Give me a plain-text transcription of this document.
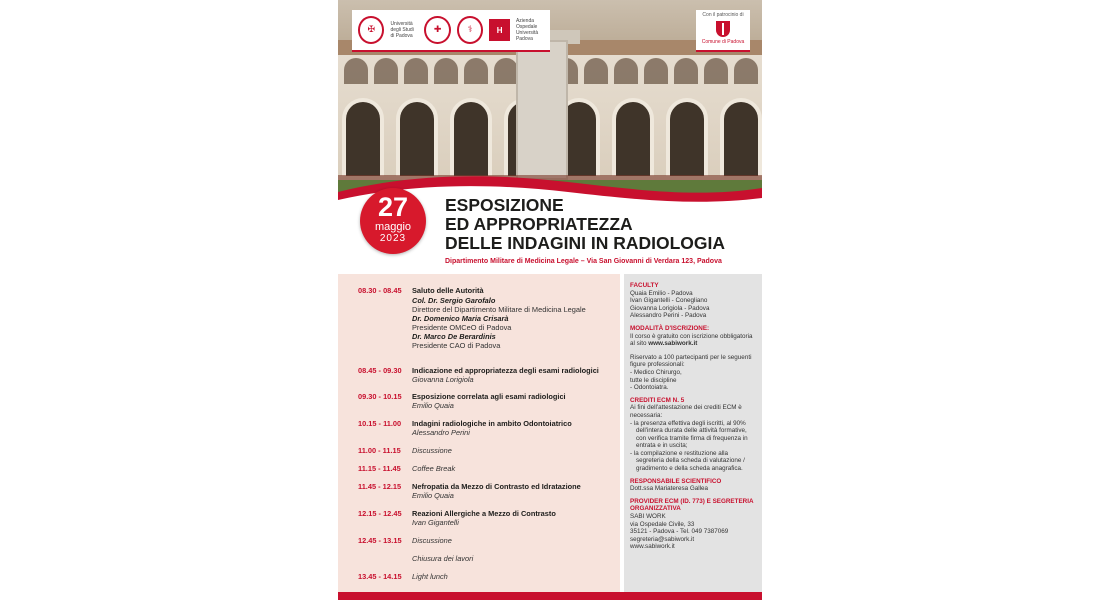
✠
Università degli Studi di Padova
✚	⚕	H
Azienda Ospedale Università Padova
Con il patrocinio di
Comune di Padova
27
maggio
2023
ESPOSIZIONE
ED APPROPRIATEZZA
DELLE INDAGINI IN RADIOLOGIA
Dipartimento Militare di Medicina Legale – Via San Giovanni di Verdara 123, Padova
08.30 - 08.45	Saluto delle Autorità
Col. Dr. Sergio Garofalo
Direttore del Dipartimento Militare di Medicina Legale
Dr. Domenico Maria Crisarà
Presidente OMCeO di Padova
Dr. Marco De Berardinis
Presidente CAO di Padova
08.45 - 09.30	Indicazione ed appropriatezza degli esami radiologici
Giovanna Lorigiola
09.30 - 10.15	Esposizione correlata agli esami radiologici
Emilio Quaia
10.15 - 11.00	Indagini radiologiche in ambito Odontoiatrico
Alessandro Perini
11.00 - 11.15	Discussione
11.15 - 11.45	Coffee Break
11.45 - 12.15	Nefropatia da Mezzo di Contrasto ed Idratazione
Emilio Quaia
12.15 - 12.45	Reazioni Allergiche a Mezzo di Contrasto
Ivan Gigantelli
12.45 - 13.15	Discussione
Chiusura dei lavori
13.45 - 14.15	Light lunch
FACULTY
Quaia Emilio - Padova
Ivan Gigantelli - Conegliano
Giovanna Lorigiola - Padova
Alessandro Perini - Padova
MODALITÀ D'ISCRIZIONE:
Il corso è gratuito con iscrizione obbligatoria al sito www.sabiwork.it
Riservato a 100 partecipanti per le seguenti figure professionali:
- Medico Chirurgo,
tutte le discipline
- Odontoiatra.
CREDITI ECM N. 5
Ai fini dell'attestazione dei crediti ECM è necessaria:
- la presenza effettiva degli iscritti, al 90% dell'intera durata delle attività formative, con verifica tramite firma di frequenza in entrata e in uscita;
- la compilazione e restituzione alla segreteria della scheda di valutazione / gradimento e della scheda anagrafica.
RESPONSABILE SCIENTIFICO
Dott.ssa Mariateresa Gallea
PROVIDER ECM (ID. 773) E SEGRETERIA ORGANIZZATIVA
SABI WORK
via Ospedale Civile, 33
35121 - Padova - Tel. 049 7387069
segreteria@sabiwork.it
www.sabiwork.it
